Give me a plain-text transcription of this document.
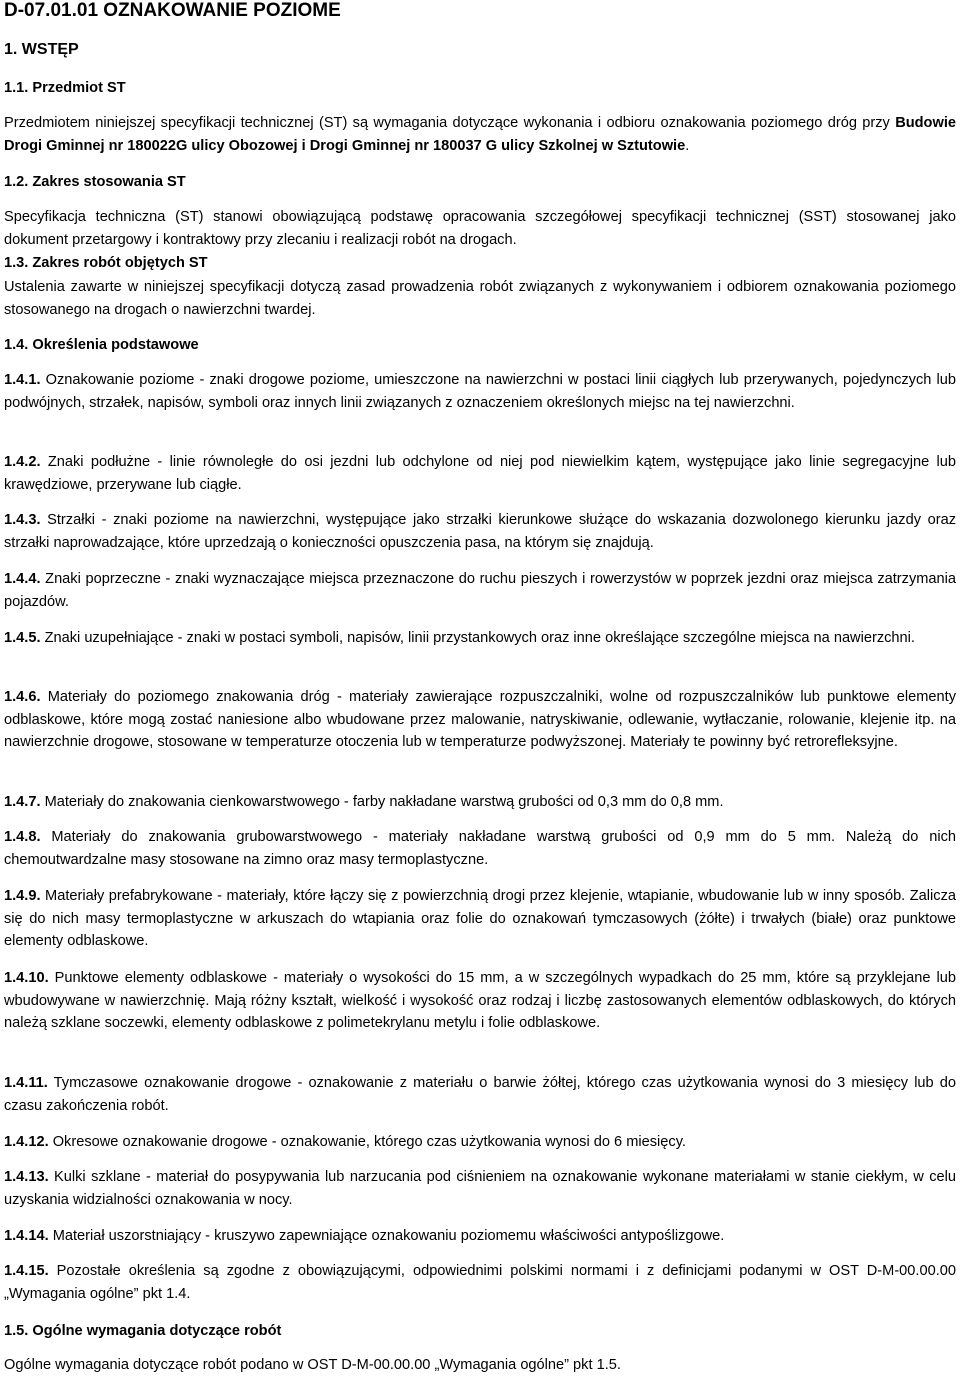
D-07.01.01 OZNAKOWANIE POZIOME
1. WSTĘP
1.1. Przedmiot ST
Przedmiotem niniejszej specyfikacji technicznej (ST) są wymagania dotyczące wykonania i odbioru oznakowania poziomego dróg przy Budowie Drogi Gminnej nr 180022G ulicy Obozowej i Drogi Gminnej nr 180037 G ulicy Szkolnej w Sztutowie.
1.2. Zakres stosowania ST
Specyfikacja techniczna (ST) stanowi obowiązującą podstawę opracowania szczegółowej specyfikacji technicznej (SST) stosowanej jako dokument przetargowy i kontraktowy przy zlecaniu i realizacji robót na drogach.
1.3. Zakres robót objętych ST
Ustalenia zawarte w niniejszej specyfikacji dotyczą zasad prowadzenia robót związanych z wykonywaniem i odbiorem oznakowania poziomego stosowanego na drogach o nawierzchni twardej.
1.4. Określenia podstawowe
1.4.1. Oznakowanie poziome - znaki drogowe poziome, umieszczone na nawierzchni w postaci linii ciągłych lub przerywanych, pojedynczych lub podwójnych, strzałek, napisów, symboli oraz innych linii związanych z oznaczeniem określonych miejsc na tej nawierzchni.
1.4.2. Znaki podłużne - linie równoległe do osi jezdni lub odchylone od niej pod niewielkim kątem, występujące jako linie segregacyjne lub krawędziowe, przerywane lub ciągłe.
1.4.3. Strzałki - znaki poziome na nawierzchni, występujące jako strzałki kierunkowe służące do wskazania dozwolonego kierunku jazdy oraz strzałki naprowadzające, które uprzedzają o konieczności opuszczenia pasa, na którym się znajdują.
1.4.4. Znaki poprzeczne - znaki wyznaczające miejsca przeznaczone do ruchu pieszych i rowerzystów w poprzek jezdni oraz miejsca zatrzymania pojazdów.
1.4.5. Znaki uzupełniające - znaki w postaci symboli, napisów, linii przystankowych oraz inne określające szczególne miejsca na nawierzchni.
1.4.6. Materiały do poziomego znakowania dróg - materiały zawierające rozpuszczalniki, wolne od rozpuszczalników lub punktowe elementy odblaskowe, które mogą zostać naniesione albo wbudowane przez malowanie, natryskiwanie, odlewanie, wytłaczanie, rolowanie, klejenie itp. na nawierzchnie drogowe, stosowane w temperaturze otoczenia lub w temperaturze podwyższonej. Materiały te powinny być retrorefleksyjne.
1.4.7. Materiały do znakowania cienkowarstwowego - farby nakładane warstwą grubości od 0,3 mm do 0,8 mm.
1.4.8. Materiały do znakowania grubowarstwowego - materiały nakładane warstwą grubości od 0,9 mm do 5 mm. Należą do nich chemoutwardzalne masy stosowane na zimno oraz masy termoplastyczne.
1.4.9. Materiały prefabrykowane - materiały, które łączy się z powierzchnią drogi przez klejenie, wtapianie, wbudowanie lub w inny sposób. Zalicza się do nich masy termoplastyczne w arkuszach do wtapiania oraz folie do oznakowań tymczasowych (żółte) i trwałych (białe) oraz punktowe elementy odblaskowe.
1.4.10. Punktowe elementy odblaskowe - materiały o wysokości do 15 mm, a w szczególnych wypadkach do 25 mm, które są przyklejane lub wbudowywane w nawierzchnię. Mają różny kształt, wielkość i wysokość oraz rodzaj i liczbę zastosowanych elementów odblaskowych, do których należą szklane soczewki, elementy odblaskowe z polimetekrylanu metylu i folie odblaskowe.
1.4.11. Tymczasowe oznakowanie drogowe - oznakowanie z materiału o barwie żółtej, którego czas użytkowania wynosi do 3 miesięcy lub do czasu zakończenia robót.
1.4.12. Okresowe oznakowanie drogowe - oznakowanie, którego czas użytkowania wynosi do 6 miesięcy.
1.4.13. Kulki szklane - materiał do posypywania lub narzucania pod ciśnieniem na oznakowanie wykonane materiałami w stanie ciekłym, w celu uzyskania widzialności oznakowania w nocy.
1.4.14. Materiał uszorstniający - kruszywo zapewniające oznakowaniu poziomemu właściwości antypoślizgowe.
1.4.15. Pozostałe określenia są zgodne z obowiązującymi, odpowiednimi polskimi normami i z definicjami podanymi w OST D-M-00.00.00 „Wymagania ogólne” pkt 1.4.
1.5. Ogólne wymagania dotyczące robót
Ogólne wymagania dotyczące robót podano w OST D-M-00.00.00 „Wymagania ogólne” pkt 1.5.
